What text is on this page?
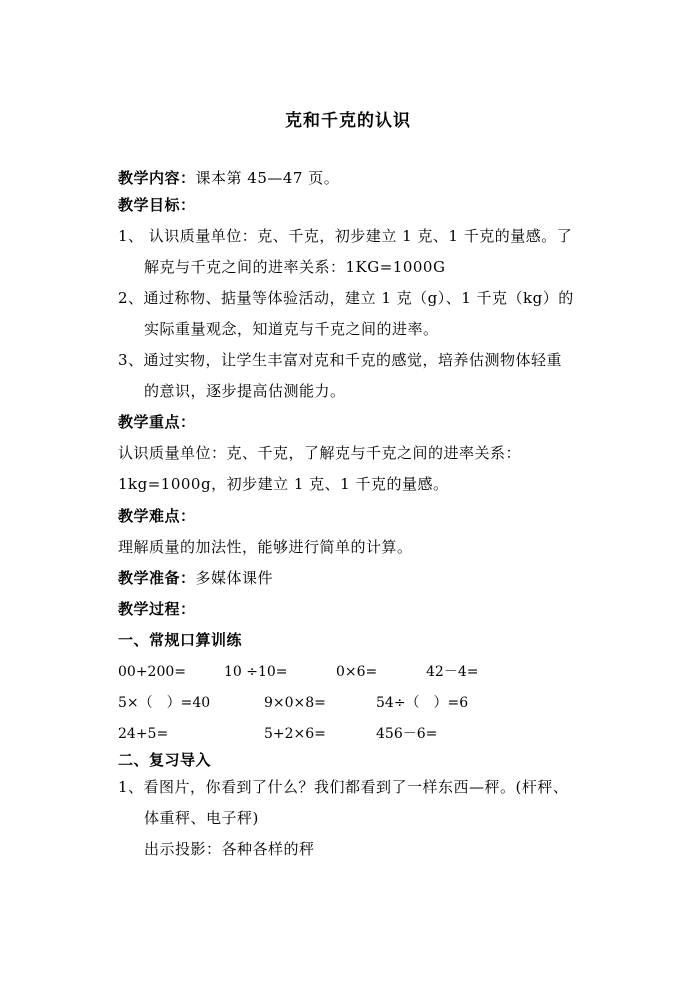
克和千克的认识
教学内容：课本第 45—47 页。
教学目标：
1、 认识质量单位：克、千克，初步建立 1 克、1 千克的量感。了
解克与千克之间的进率关系：1KG=1000G
2、通过称物、掂量等体验活动，建立 1 克（g）、1 千克（kg）的
实际重量观念，知道克与千克之间的进率。
3、通过实物，让学生丰富对克和千克的感觉，培养估测物体轻重
的意识，逐步提高估测能力。
教学重点：
认识质量单位：克、千克，了解克与千克之间的进率关系：
1kg=1000g，初步建立 1 克、1 千克的量感。
教学难点：
理解质量的加法性，能够进行简单的计算。
教学准备：多媒体课件
教学过程：
一、常规口算训练
00+200=	10 ÷10=	0×6=	42－4=
5×（　）=40	9×0×8=	54÷（　）=6
24+5=	5+2×6=	456－6=
二、复习导入
1、看图片，你看到了什么？我们都看到了一样东西—秤。(杆秤、
体重秤、电子秤)
出示投影：各种各样的秤
